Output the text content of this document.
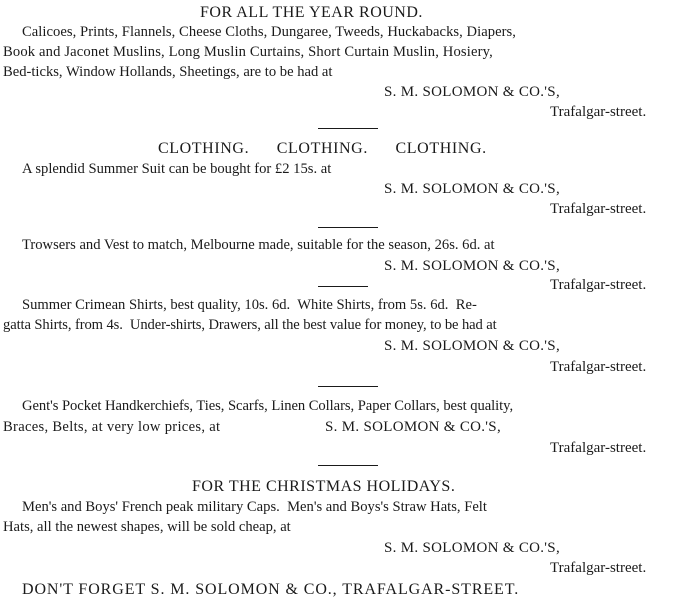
FOR ALL THE YEAR ROUND.
Calicoes, Prints, Flannels, Cheese Cloths, Dungaree, Tweeds, Huckabacks, Diapers,
Book and Jaconet Muslins, Long Muslin Curtains, Short Curtain Muslin, Hosiery,
Bed-ticks, Window Hollands, Sheetings, are to be had at
S. M. SOLOMON & CO.'S,
Trafalgar-street.
CLOTHING.      CLOTHING.      CLOTHING.
A splendid Summer Suit can be bought for £2 15s. at
S. M. SOLOMON & CO.'S,
Trafalgar-street.
Trowsers and Vest to match, Melbourne made, suitable for the season, 26s. 6d. at
S. M. SOLOMON & CO.'S,
Trafalgar-street.
Summer Crimean Shirts, best quality, 10s. 6d.  White Shirts, from 5s. 6d.  Re-
gatta Shirts, from 4s.  Under-shirts, Drawers, all the best value for money, to be had at
S. M. SOLOMON & CO.'S,
Trafalgar-street.
Gent's Pocket Handkerchiefs, Ties, Scarfs, Linen Collars, Paper Collars, best quality,
Braces, Belts, at very low prices, at	S. M. SOLOMON & CO.'S,
Trafalgar-street.
FOR THE CHRISTMAS HOLIDAYS.
Men's and Boys' French peak military Caps.  Men's and Boys's Straw Hats, Felt
Hats, all the newest shapes, will be sold cheap, at
S. M. SOLOMON & CO.'S,
Trafalgar-street.
DON'T FORGET S. M. SOLOMON & CO., TRAFALGAR-STREET.
